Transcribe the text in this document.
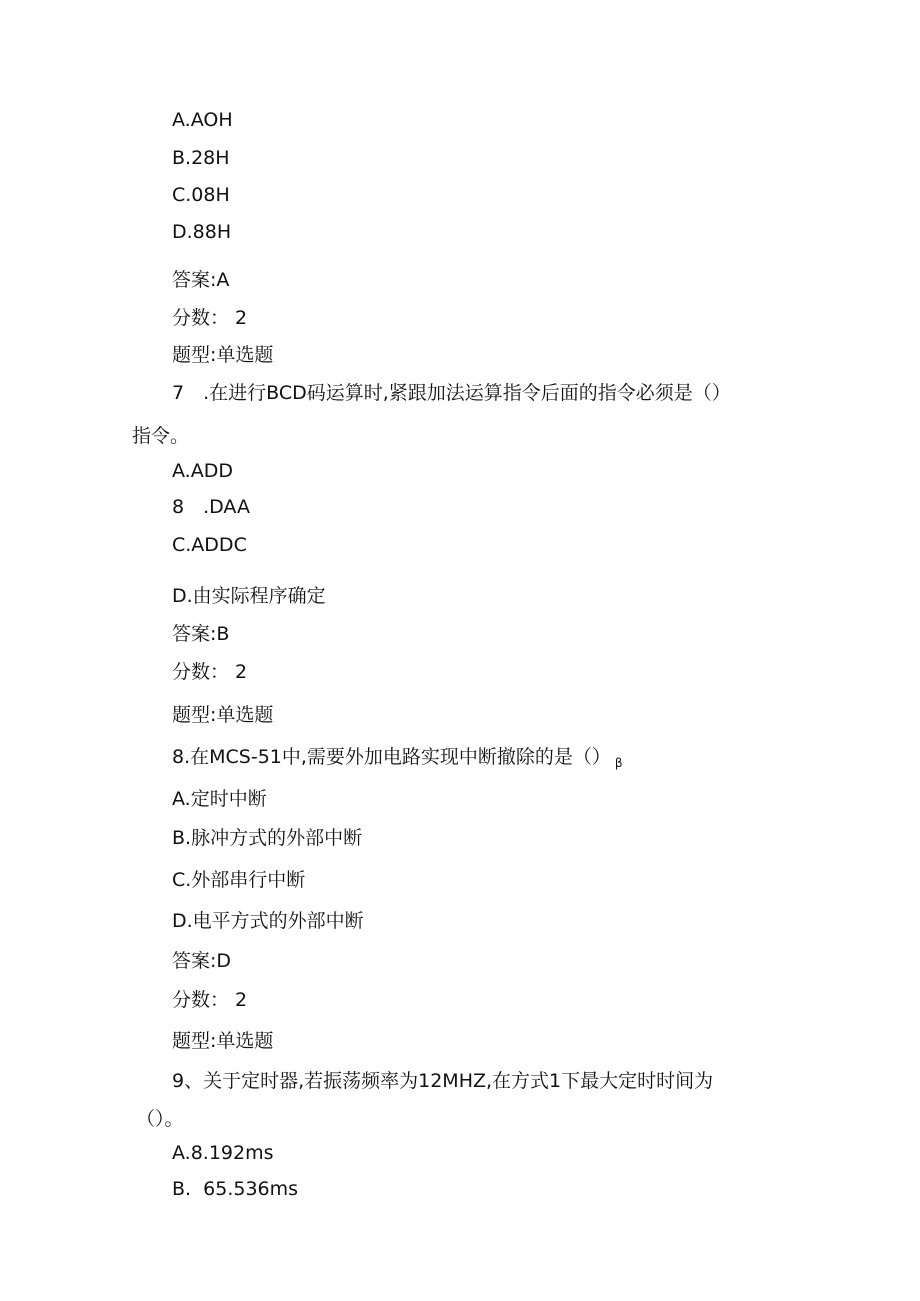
A.AOH
B.28H
C.08H
D.88H
答案:A
分数： 2
题型:单选题
7　.在进行BCD码运算时,紧跟加法运算指令后面的指令必须是（）
指令。
A.ADD
8　.DAA
C.ADDC
D.由实际程序确定
答案:B
分数： 2
题型:单选题
8.在MCS-51中,需要外加电路实现中断撤除的是（） $_\beta$
A.定时中断
B.脉冲方式的外部中断
C.外部串行中断
D.电平方式的外部中断
答案:D
分数： 2
题型:单选题
9、关于定时器,若振荡频率为12MHZ,在方式1下最大定时时间为
（）。
A.8.192ms
B.  65.536ms
